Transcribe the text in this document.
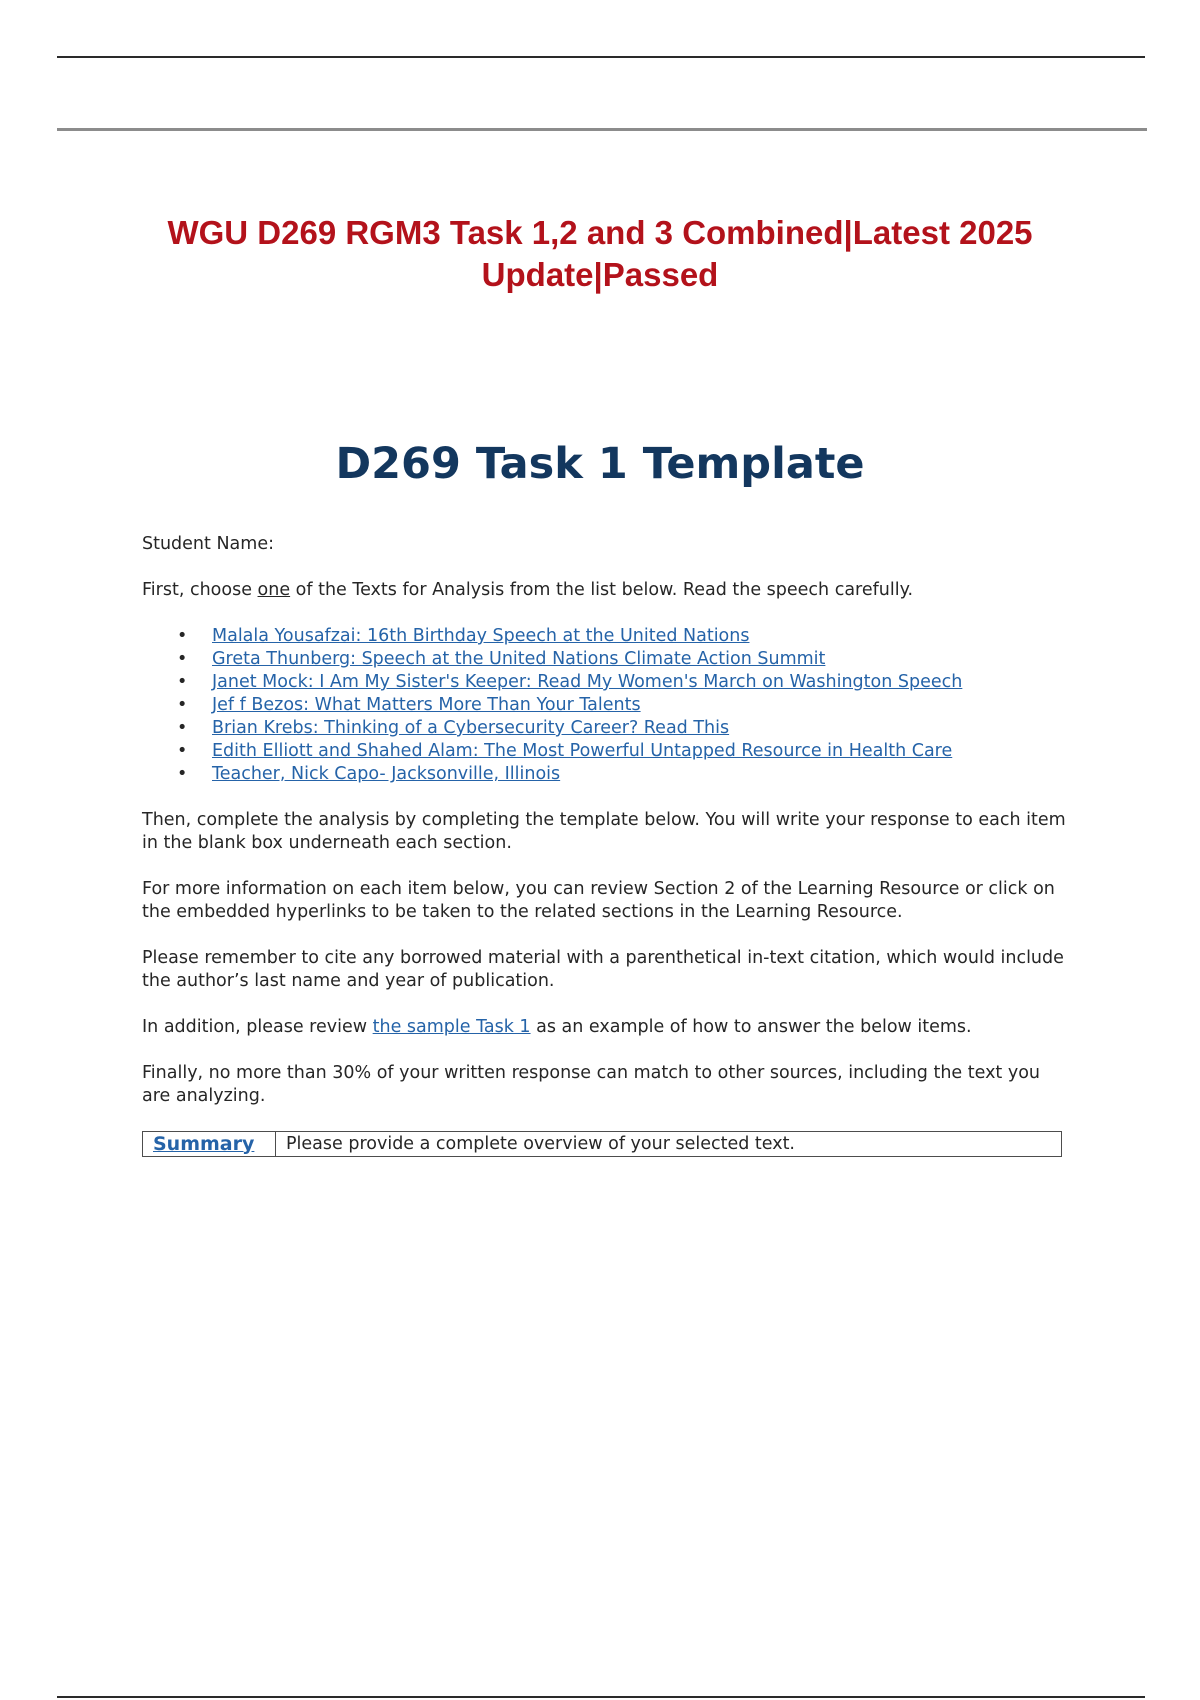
WGU D269 RGM3 Task 1,2 and 3 Combined|Latest 2025 Update|Passed
D269 Task 1 Template

Student Name:

First, choose one of the Texts for Analysis from the list below. Read the speech carefully.

• Malala Yousafzai: 16th Birthday Speech at the United Nations
• Greta Thunberg: Speech at the United Nations Climate Action Summit
• Janet Mock: I Am My Sister's Keeper: Read My Women's March on Washington Speech
• Jef f Bezos: What Matters More Than Your Talents
• Brian Krebs: Thinking of a Cybersecurity Career? Read This
• Edith Elliott and Shahed Alam: The Most Powerful Untapped Resource in Health Care
• Teacher, Nick Capo- Jacksonville, Illinois

Then, complete the analysis by completing the template below. You will write your response to each item in the blank box underneath each section.

For more information on each item below, you can review Section 2 of the Learning Resource or click on the embedded hyperlinks to be taken to the related sections in the Learning Resource.

Please remember to cite any borrowed material with a parenthetical in-text citation, which would include the author’s last name and year of publication.

In addition, please review the sample Task 1 as an example of how to answer the below items.

Finally, no more than 30% of your written response can match to other sources, including the text you are analyzing.

Summary	Please provide a complete overview of your selected text.
